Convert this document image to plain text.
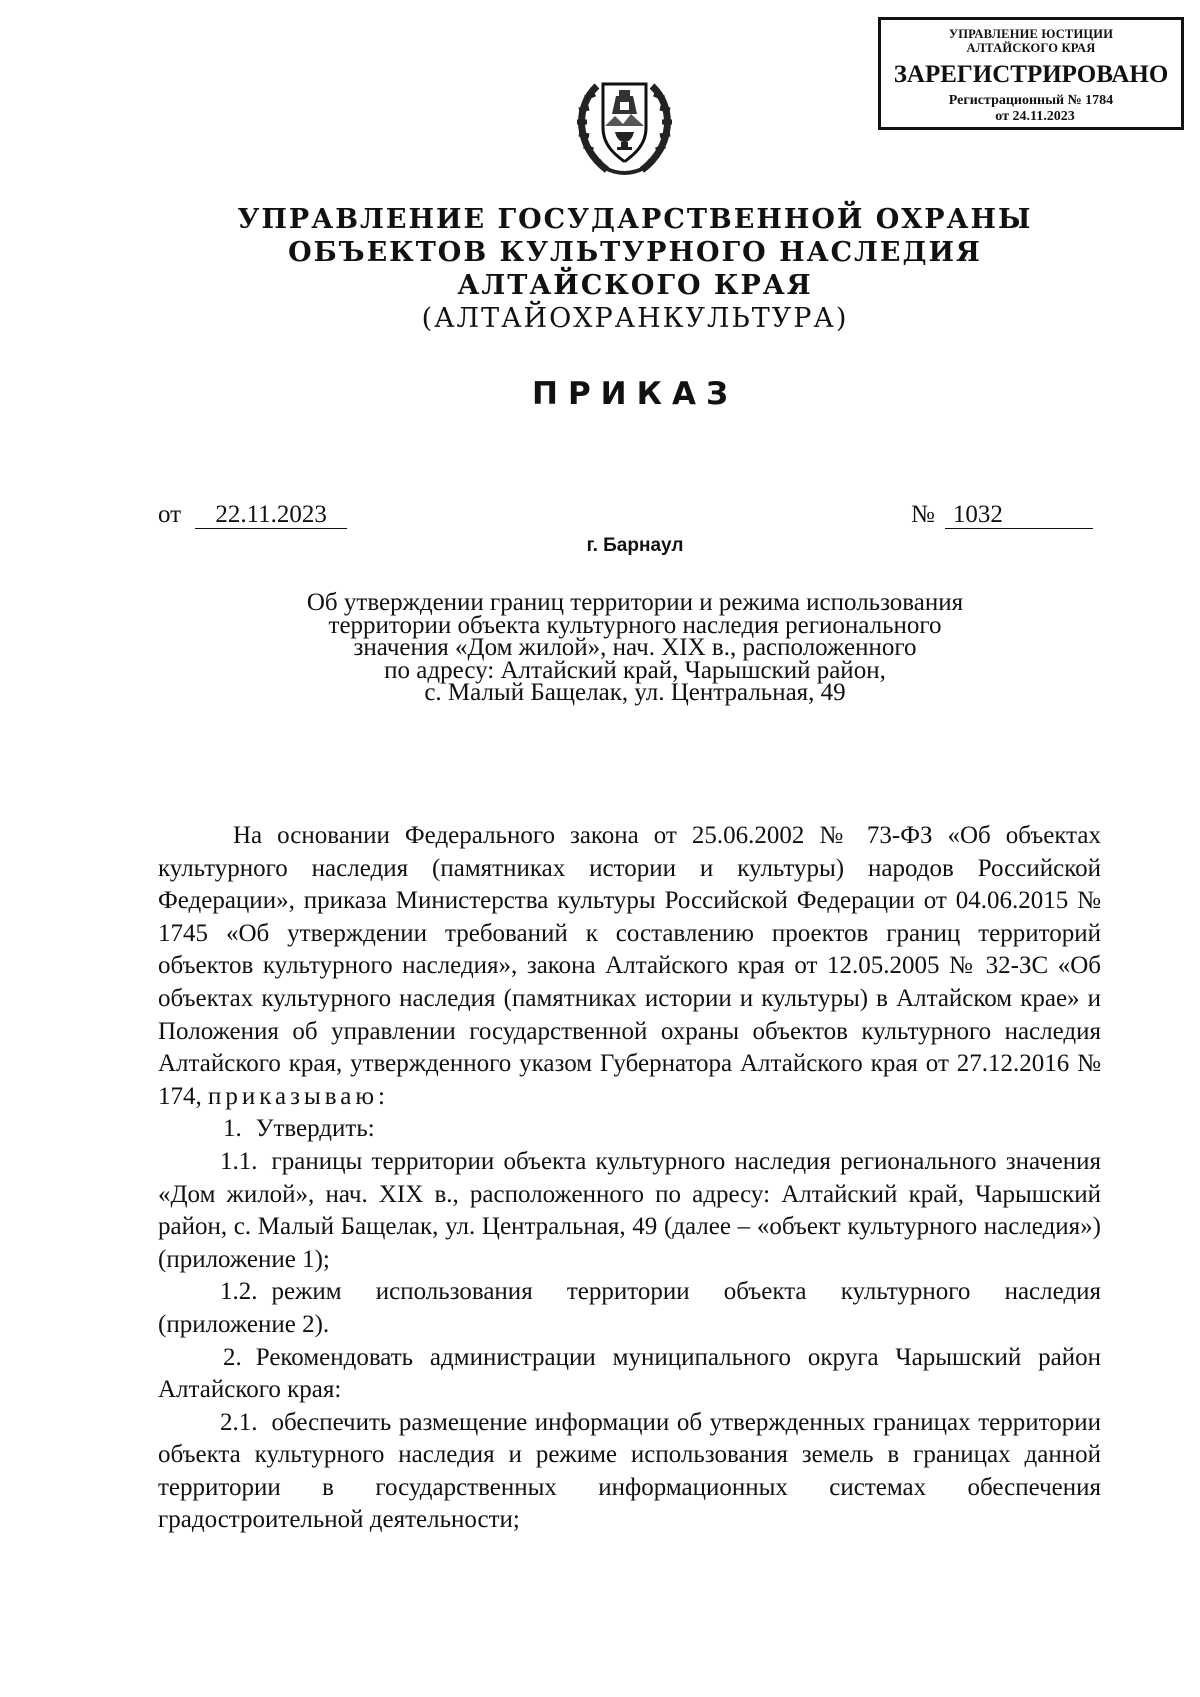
УПРАВЛЕНИЕ ЮСТИЦИИ
АЛТАЙСКОГО КРАЯ
ЗАРЕГИСТРИРОВАНО
Регистрационный № 1784
от 24.11.2023
УПРАВЛЕНИЕ ГОСУДАРСТВЕННОЙ ОХРАНЫ
ОБЪЕКТОВ КУЛЬТУРНОГО НАСЛЕДИЯ
АЛТАЙСКОГО КРАЯ
(АЛТАЙОХРАНКУЛЬТУРА)
ПРИКАЗ
от 22.11.2023	№ 1032
г. Барнаул
Об утверждении границ территории и режима использования
территории объекта культурного наследия регионального
значения «Дом жилой», нач. XIX в., расположенного
по адресу: Алтайский край, Чарышский район,
с. Малый Бащелак, ул. Центральная, 49

На основании Федерального закона от 25.06.2002 № 73-ФЗ «Об объектах культурного наследия (памятниках истории и культуры) народов Российской Федерации», приказа Министерства культуры Российской Федерации от 04.06.2015 № 1745 «Об утверждении требований к составлению проектов границ территорий объектов культурного наследия», закона Алтайского края от 12.05.2005 № 32-ЗС «Об объектах культурного наследия (памятниках истории и культуры) в Алтайском крае» и Положения об управлении государственной охраны объектов культурного наследия Алтайского края, утвержденного указом Губернатора Алтайского края от 27.12.2016 № 174, приказываю:

1. Утвердить:

1.1. границы территории объекта культурного наследия регионального значения «Дом жилой», нач. XIX в., расположенного по адресу: Алтайский край, Чарышский район, с. Малый Бащелак, ул. Центральная, 49 (далее – «объект культурного наследия») (приложение 1);

1.2. режим использования территории объекта культурного наследия (приложение 2).

2. Рекомендовать администрации муниципального округа Чарышский район Алтайского края:

2.1. обеспечить размещение информации об утвержденных границах территории объекта культурного наследия и режиме использования земель в границах данной территории в государственных информационных системах обеспечения градостроительной деятельности;
